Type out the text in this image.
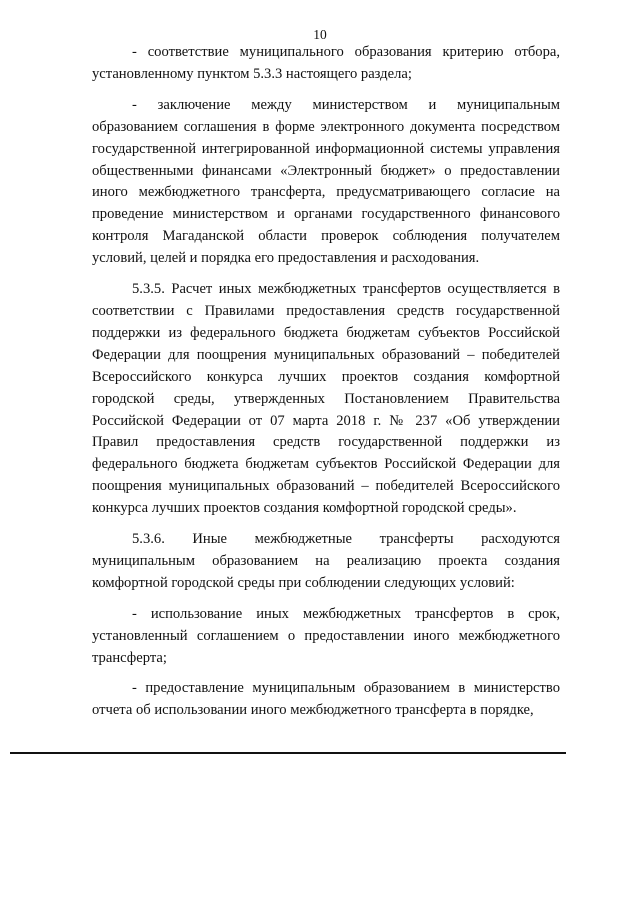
10

- соответствие муниципального образования критерию отбора, установленному пунктом 5.3.3 настоящего раздела;

- заключение между министерством и муниципальным образованием соглашения в форме электронного документа посредством государственной интегрированной информационной системы управления общественными финансами «Электронный бюджет» о предоставлении иного межбюджетного трансферта, предусматривающего согласие на проведение министерством и органами государственного финансового контроля Магаданской области проверок соблюдения получателем условий, целей и порядка его предоставления и расходования.

5.3.5. Расчет иных межбюджетных трансфертов осуществляется в соответствии с Правилами предоставления средств государственной поддержки из федерального бюджета бюджетам субъектов Российской Федерации для поощрения муниципальных образований – победителей Всероссийского конкурса лучших проектов создания комфортной городской среды, утвержденных Постановлением Правительства Российской Федерации от 07 марта 2018 г. № 237 «Об утверждении Правил предоставления средств государственной поддержки из федерального бюджета бюджетам субъектов Российской Федерации для поощрения муниципальных образований – победителей Всероссийского конкурса лучших проектов создания комфортной городской среды».

5.3.6. Иные межбюджетные трансферты расходуются муниципальным образованием на реализацию проекта создания комфортной городской среды при соблюдении следующих условий:

- использование иных межбюджетных трансфертов в срок, установленный соглашением о предоставлении иного межбюджетного трансферта;

- предоставление муниципальным образованием в министерство отчета об использовании иного межбюджетного трансферта в порядке,
